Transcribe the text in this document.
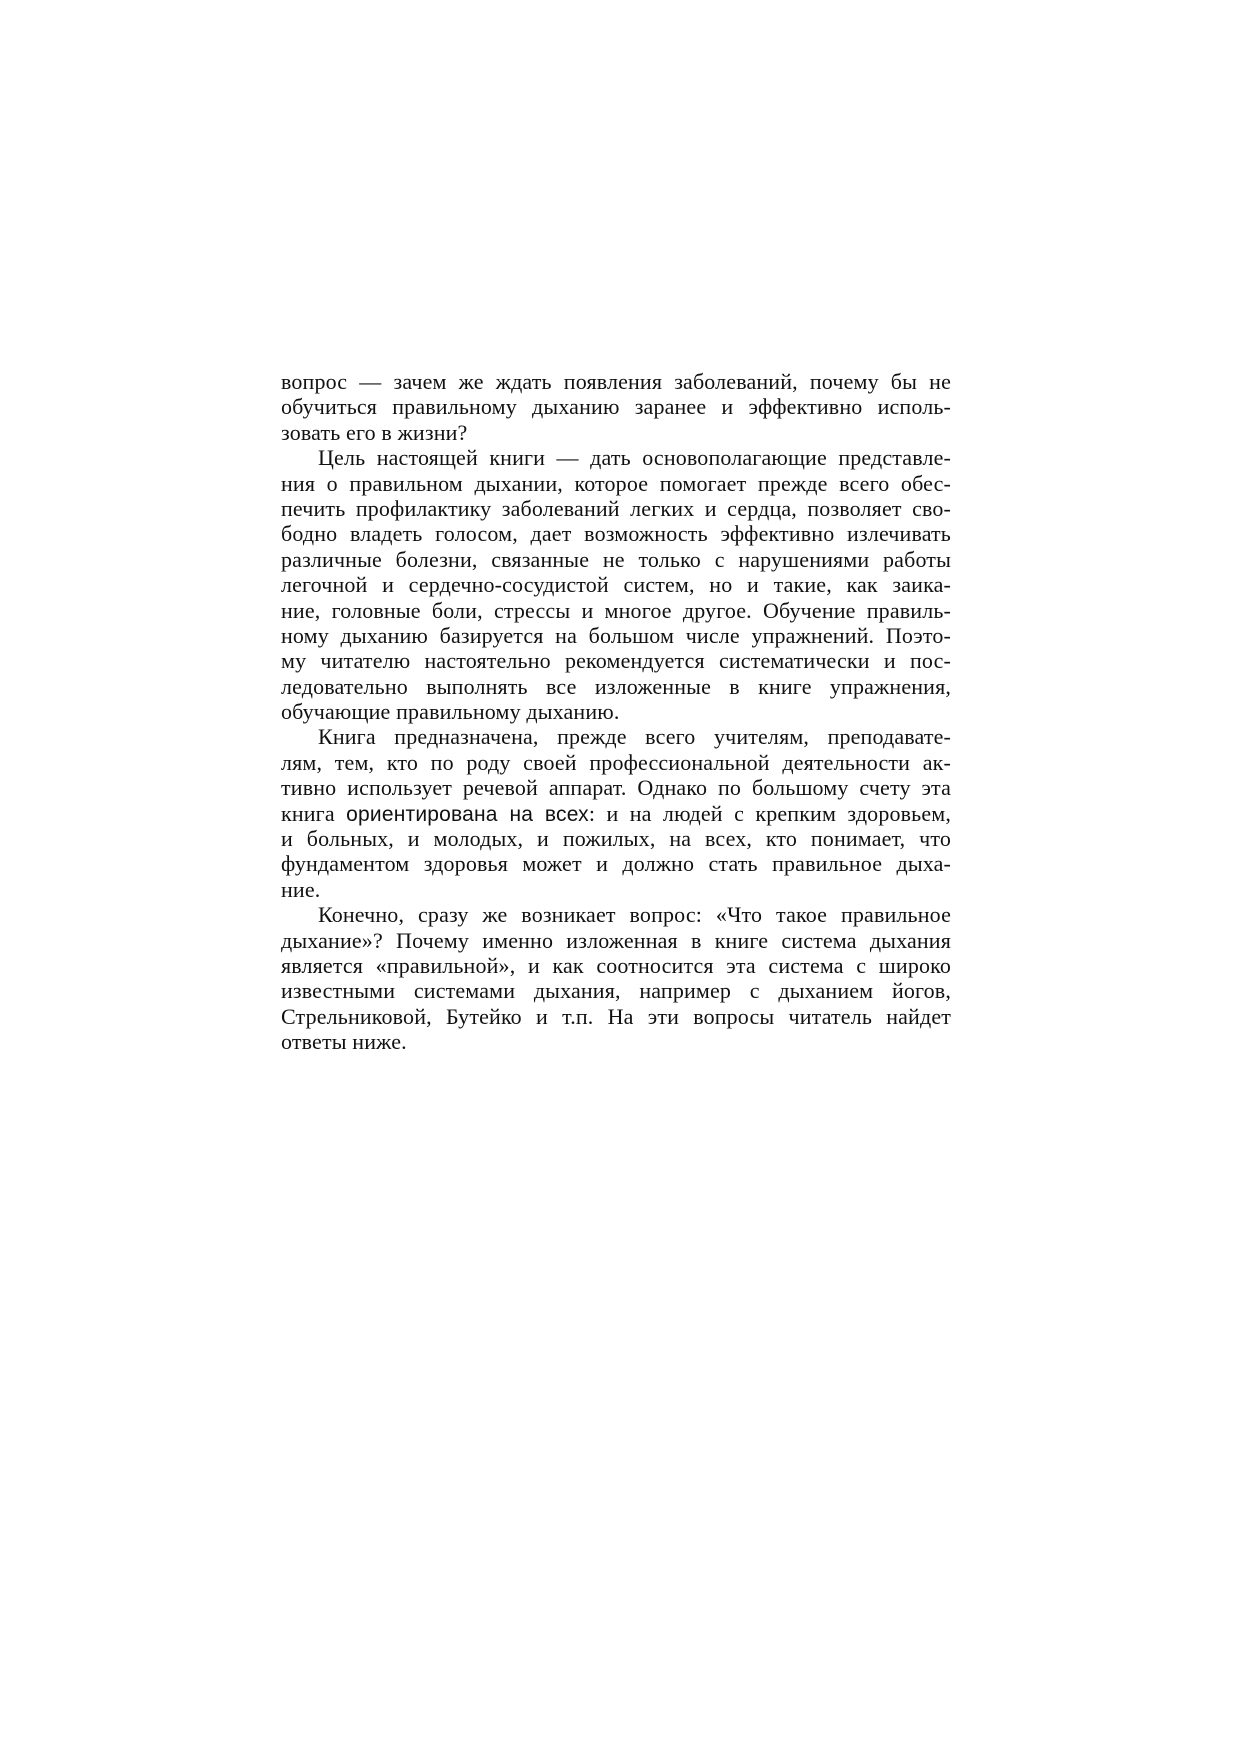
вопрос — зачем же ждать появления заболеваний, почему бы не
обучиться правильному дыханию заранее и эффективно исполь-
зовать его в жизни?
Цель настоящей книги — дать основополагающие представле-
ния о правильном дыхании, которое помогает прежде всего обес-
печить профилактику заболеваний легких и сердца, позволяет сво-
бодно владеть голосом, дает возможность эффективно излечивать
различные болезни, связанные не только с нарушениями работы
легочной и сердечно-сосудистой систем, но и такие, как заика-
ние, головные боли, стрессы и многое другое. Обучение правиль-
ному дыханию базируется на большом числе упражнений. Поэто-
му читателю настоятельно рекомендуется систематически и пос-
ледовательно выполнять все изложенные в книге упражнения,
обучающие правильному дыханию.
Книга предназначена, прежде всего учителям, преподавате-
лям, тем, кто по роду своей профессиональной деятельности ак-
тивно использует речевой аппарат. Однако по большому счету эта
книга ориентирована на всех: и на людей с крепким здоровьем,
и больных, и молодых, и пожилых, на всех, кто понимает, что
фундаментом здоровья может и должно стать правильное дыха-
ние.
Конечно, сразу же возникает вопрос: «Что такое правильное
дыхание»? Почему именно изложенная в книге система дыхания
является «правильной», и как соотносится эта система с широко
известными системами дыхания, например с дыханием йогов,
Стрельниковой, Бутейко и т.п. На эти вопросы читатель найдет
ответы ниже.
